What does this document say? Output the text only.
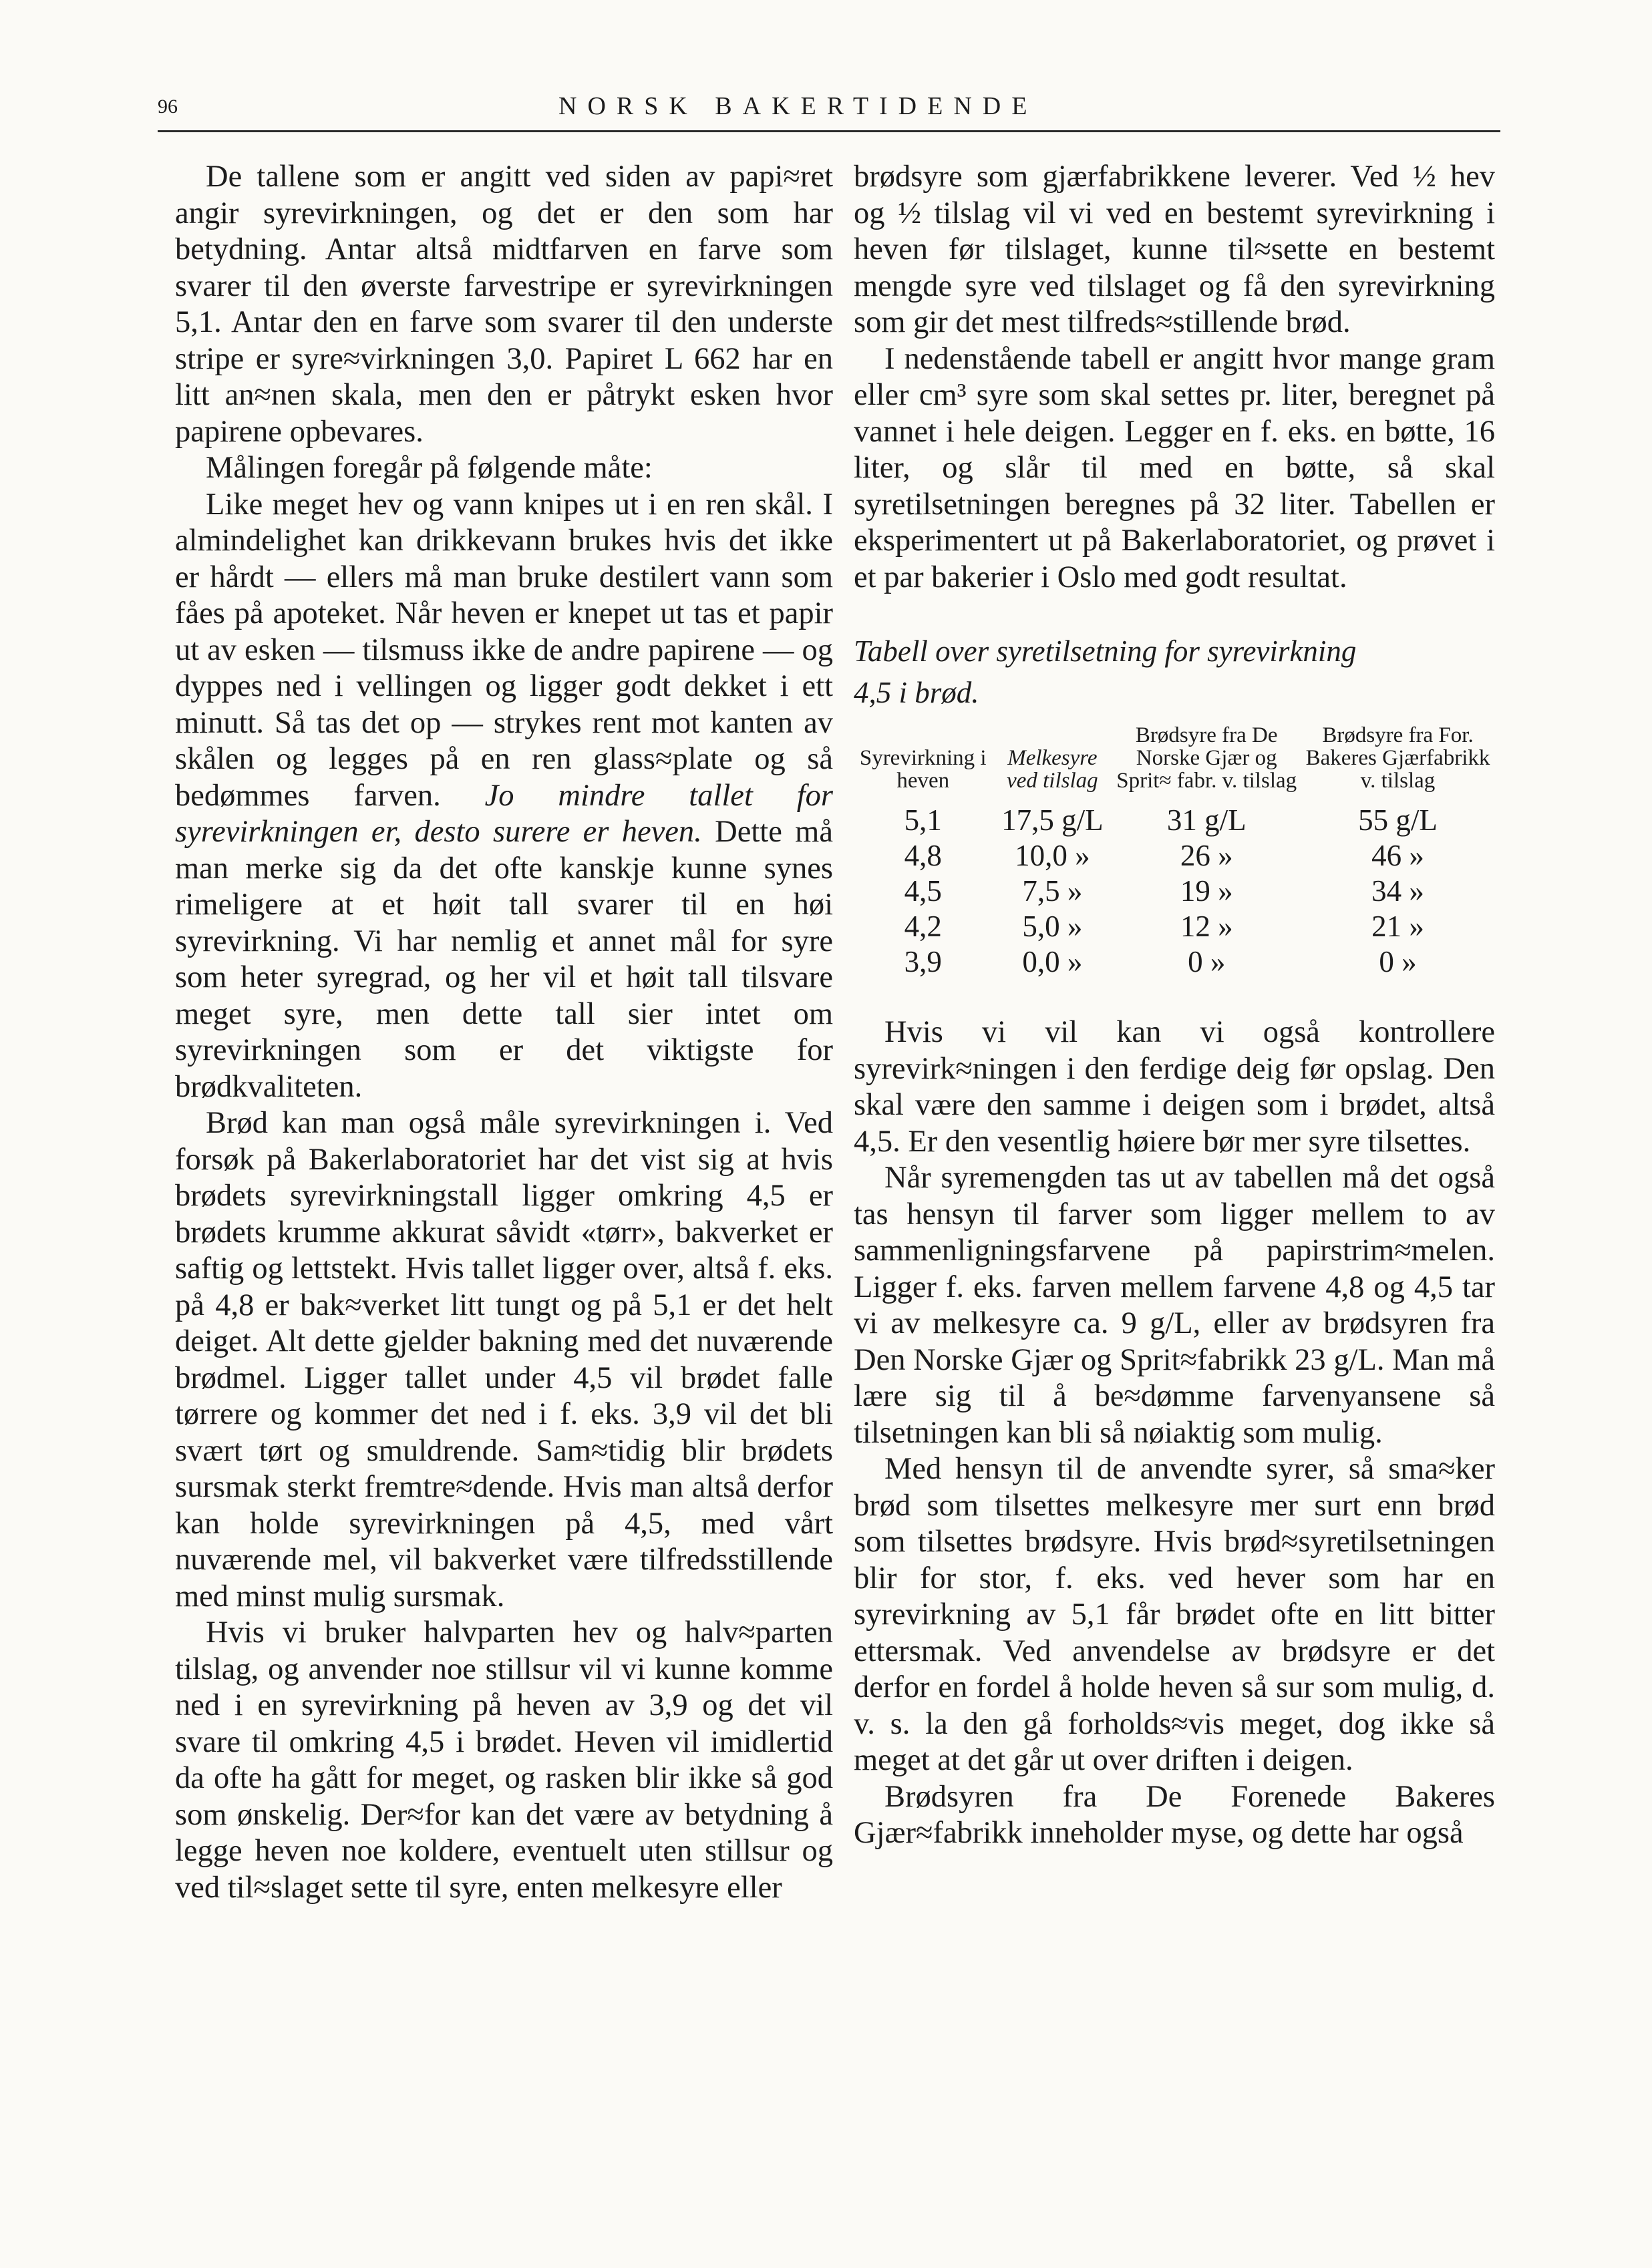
96	NORSK BAKERTIDENDE

De tallene som er angitt ved siden av papi≈ret angir syrevirkningen, og det er den som har betydning. Antar altså midtfarven en farve som svarer til den øverste farvestripe er syrevirkningen 5,1. Antar den en farve som svarer til den underste stripe er syre≈virkningen 3,0. Papiret L 662 har en litt an≈nen skala, men den er påtrykt esken hvor papirene opbevares.

Målingen foregår på følgende måte:

Like meget hev og vann knipes ut i en ren skål. I almindelighet kan drikkevann brukes hvis det ikke er hårdt — ellers må man bruke destilert vann som fåes på apoteket. Når heven er knepet ut tas et papir ut av esken — tilsmuss ikke de andre papirene — og dyppes ned i vellingen og ligger godt dekket i ett minutt. Så tas det op — strykes rent mot kanten av skålen og legges på en ren glass≈plate og så bedømmes farven. Jo mindre tallet for syrevirkningen er, desto surere er heven. Dette må man merke sig da det ofte kanskje kunne synes rimeligere at et høit tall svarer til en høi syrevirkning. Vi har nemlig et annet mål for syre som heter syregrad, og her vil et høit tall tilsvare meget syre, men dette tall sier intet om syrevirkningen som er det viktigste for brødkvaliteten.

Brød kan man også måle syrevirkningen i. Ved forsøk på Bakerlaboratoriet har det vist sig at hvis brødets syrevirkningstall ligger omkring 4,5 er brødets krumme akkurat såvidt «tørr», bakverket er saftig og lettstekt. Hvis tallet ligger over, altså f. eks. på 4,8 er bak≈verket litt tungt og på 5,1 er det helt deiget. Alt dette gjelder bakning med det nuværende brødmel. Ligger tallet under 4,5 vil brødet falle tørrere og kommer det ned i f. eks. 3,9 vil det bli svært tørt og smuldrende. Sam≈tidig blir brødets sursmak sterkt fremtre≈dende. Hvis man altså derfor kan holde syrevirkningen på 4,5, med vårt nuværende mel, vil bakverket være tilfredsstillende med minst mulig sursmak.

Hvis vi bruker halvparten hev og halv≈parten tilslag, og anvender noe stillsur vil vi kunne komme ned i en syrevirkning på heven av 3,9 og det vil svare til omkring 4,5 i brødet. Heven vil imidlertid da ofte ha gått for meget, og rasken blir ikke så god som ønskelig. Der≈for kan det være av betydning å legge heven noe koldere, eventuelt uten stillsur og ved til≈slaget sette til syre, enten melkesyre eller

brødsyre som gjærfabrikkene leverer. Ved ½ hev og ½ tilslag vil vi ved en bestemt syrevirkning i heven før tilslaget, kunne til≈sette en bestemt mengde syre ved tilslaget og få den syrevirkning som gir det mest tilfreds≈stillende brød.

I nedenstående tabell er angitt hvor mange gram eller cm³ syre som skal settes pr. liter, beregnet på vannet i hele deigen. Legger en f. eks. en bøtte, 16 liter, og slår til med en bøtte, så skal syretilsetningen beregnes på 32 liter. Tabellen er eksperimentert ut på Bakerlaboratoriet, og prøvet i et par bakerier i Oslo med godt resultat.

Tabell over syretilsetning for syrevirkning
4,5 i brød.

Syrevirkning i heven	Melkesyre ved tilslag	Brødsyre fra De Norske Gjær og Sprit≈ fabr. v. tilslag	Brødsyre fra For. Bakeres Gjærfabrikk v. tilslag
5,1	17,5 g/L	31 g/L	55 g/L
4,8	10,0 »	26 »	46 »
4,5	7,5 »	19 »	34 »
4,2	5,0 »	12 »	21 »
3,9	0,0 »	0 »	0 »

Hvis vi vil kan vi også kontrollere syrevirk≈ningen i den ferdige deig før opslag. Den skal være den samme i deigen som i brødet, altså 4,5. Er den vesentlig høiere bør mer syre tilsettes.

Når syremengden tas ut av tabellen må det også tas hensyn til farver som ligger mellem to av sammenligningsfarvene på papirstrim≈melen. Ligger f. eks. farven mellem farvene 4,8 og 4,5 tar vi av melkesyre ca. 9 g/L, eller av brødsyren fra Den Norske Gjær og Sprit≈fabrikk 23 g/L. Man må lære sig til å be≈dømme farvenyansene så tilsetningen kan bli så nøiaktig som mulig.

Med hensyn til de anvendte syrer, så sma≈ker brød som tilsettes melkesyre mer surt enn brød som tilsettes brødsyre. Hvis brød≈syretilsetningen blir for stor, f. eks. ved hever som har en syrevirkning av 5,1 får brødet ofte en litt bitter ettersmak. Ved anvendelse av brødsyre er det derfor en fordel å holde heven så sur som mulig, d. v. s. la den gå forholds≈vis meget, dog ikke så meget at det går ut over driften i deigen.

Brødsyren fra De Forenede Bakeres Gjær≈fabrikk inneholder myse, og dette har også
